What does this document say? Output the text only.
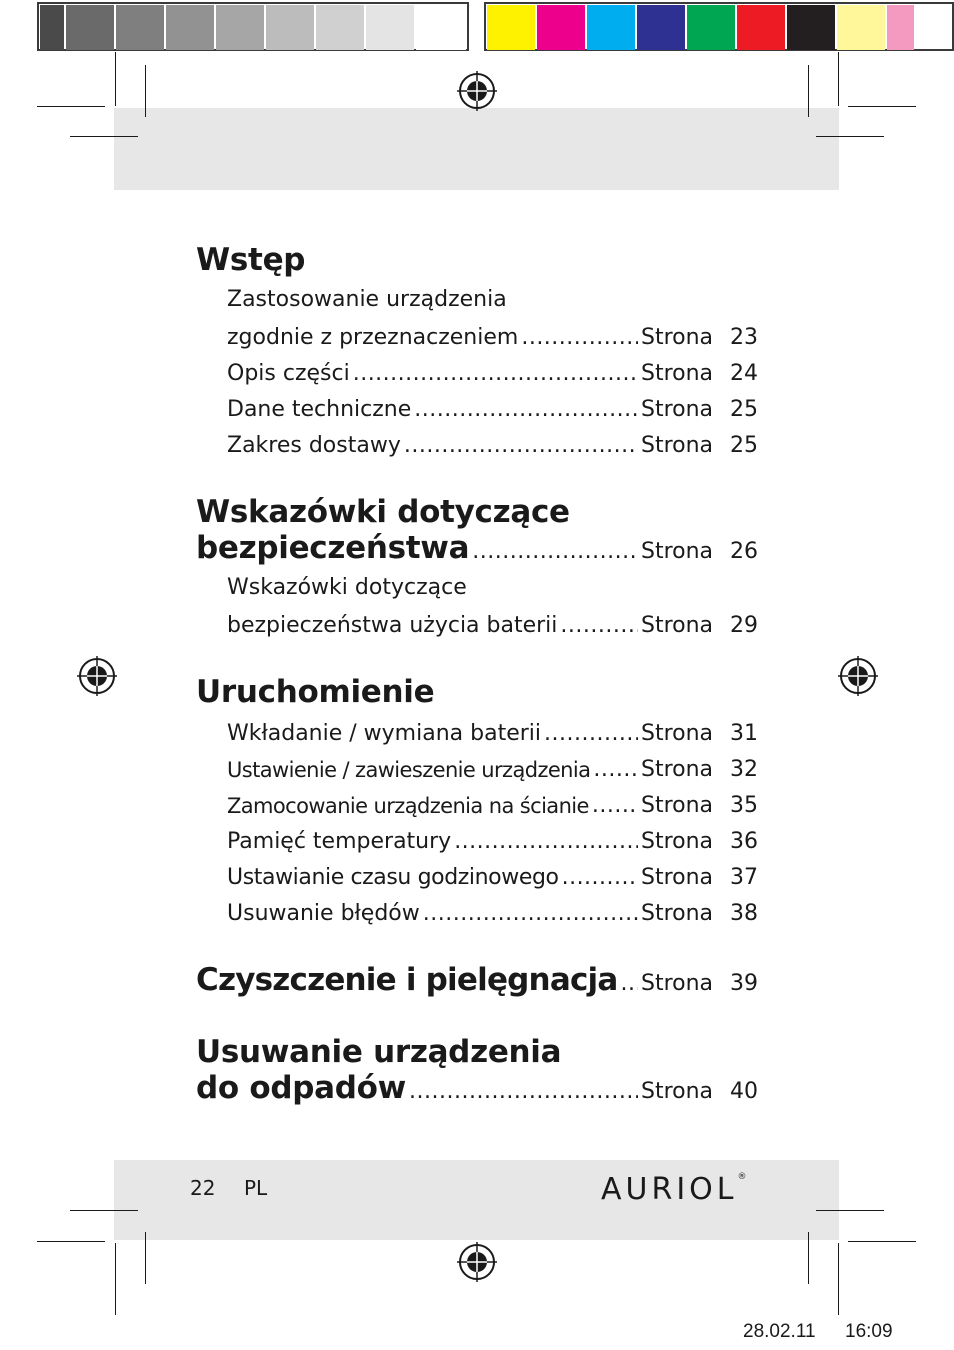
Wstęp
Zastosowanie urządzenia
zgodnie z przeznaczeniem .....	Strona 23
Opis części .....	Strona 24
Dane techniczne .....	Strona 25
Zakres dostawy .....	Strona 25
Wskazówki dotyczące
bezpieczeństwa .....	Strona 26
Wskazówki dotyczące
bezpieczeństwa użycia baterii .....	Strona 29
Uruchomienie
Wkładanie / wymiana baterii .....	Strona 31
Ustawienie / zawieszenie urządzenia ..... Strona 32
Zamocowanie urządzenia na ścianie ..... Strona 35
Pamięć temperatury .....	Strona 36
Ustawianie czasu godzinowego .....	Strona 37
Usuwanie błędów .....	Strona 38
Czyszczenie i pielęgnacja ..... Strona 39
Usuwanie urządzenia
do odpadów .....	Strona 40
22 PL	AURIOL®
28.02.11 16:09
